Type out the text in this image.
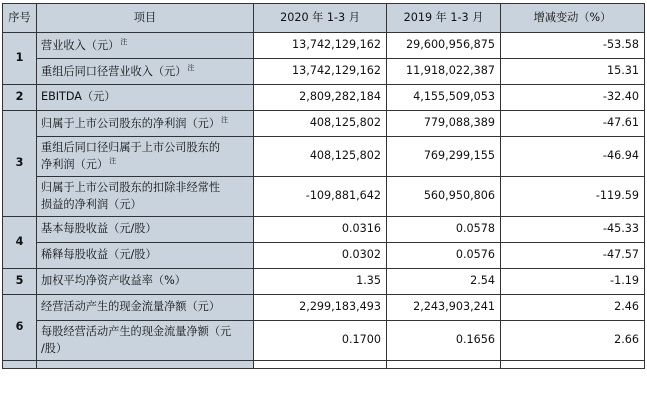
序号	项目	2020 年 1-3 月	2019 年 1-3 月	增减变动（%）
1	营业收入（元）$^注$	13,742,129,162	29,600,956,875	-53.58
	重组后同口径营业收入（元）$^注$	13,742,129,162	11,918,022,387	15.31
2	EBITDA（元）	2,809,282,184	4,155,509,053	-32.40
3	归属于上市公司股东的净利润（元）$^注$	408,125,802	779,088,389	-47.61
	重组后同口径归属于上市公司股东的
净利润（元）$^注$	408,125,802	769,299,155	-46.94
	归属于上市公司股东的扣除非经常性
损益的净利润（元）	-109,881,642	560,950,806	-119.59
4	基本每股收益（元/股）	0.0316	0.0578	-45.33
	稀释每股收益（元/股）	0.0302	0.0576	-47.57
5	加权平均净资产收益率（%）	1.35	2.54	-1.19
6	经营活动产生的现金流量净额（元）	2,299,183,493	2,243,903,241	2.46
	每股经营活动产生的现金流量净额（元
/股）	0.1700	0.1656	2.66
